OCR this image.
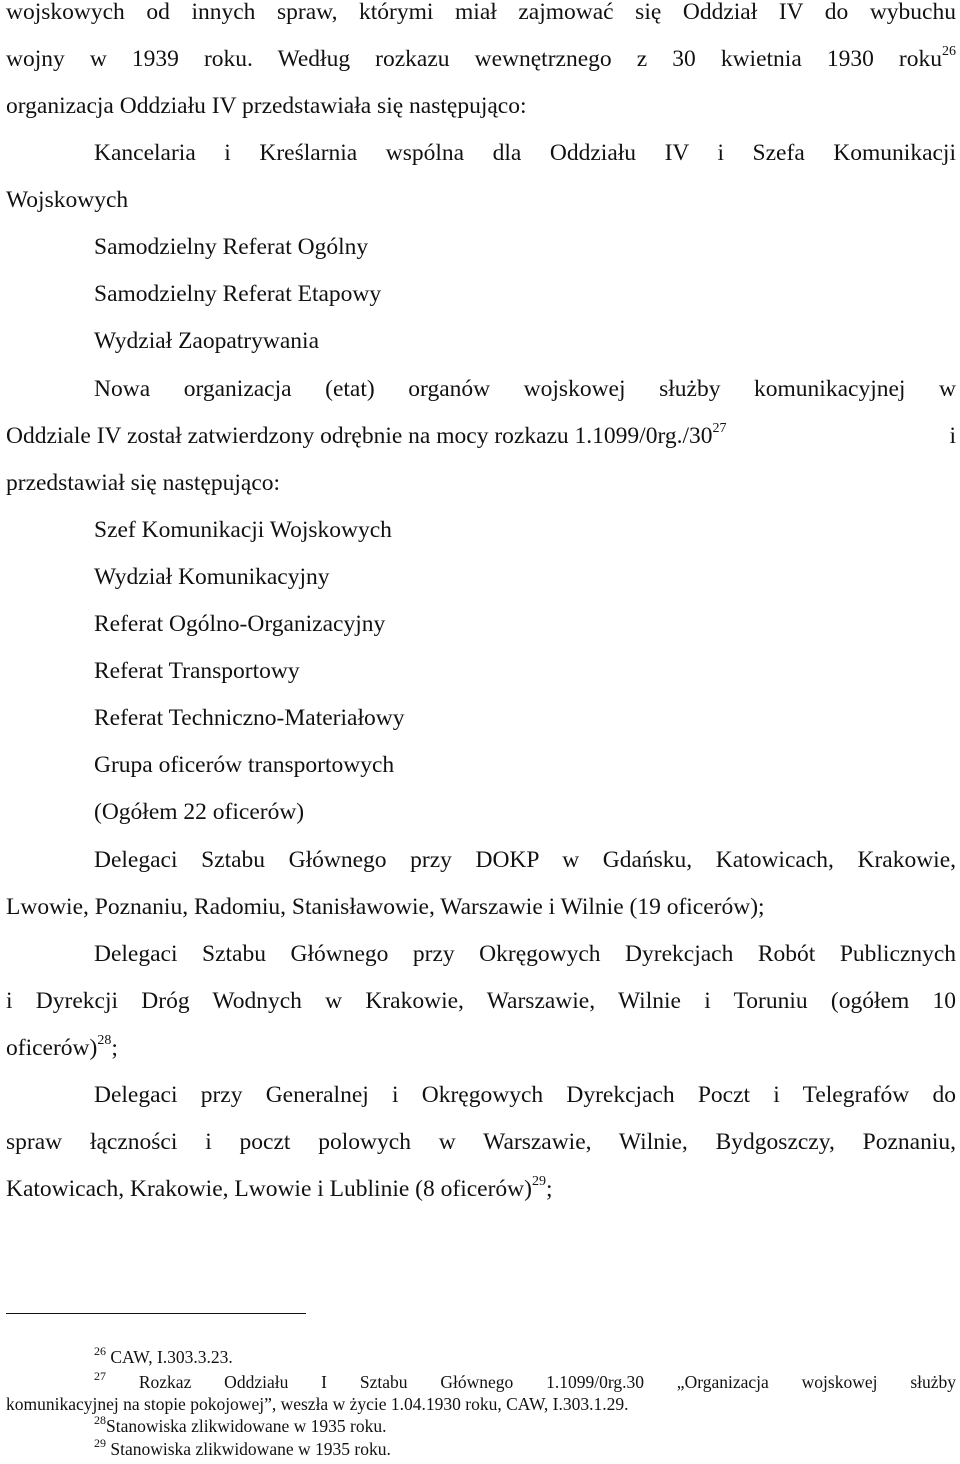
wojskowych od innych spraw, którymi miał zajmować się Oddział IV do wybuchu
wojny w 1939 roku. Według rozkazu wewnętrznego z 30 kwietnia 1930 roku$^{26}$
organizacja Oddziału IV przedstawiała się następująco:
Kancelaria i Kreślarnia wspólna dla Oddziału IV i Szefa Komunikacji
Wojskowych
Samodzielny Referat Ogólny
Samodzielny Referat Etapowy
Wydział Zaopatrywania
Nowa organizacja (etat) organów wojskowej służby komunikacyjnej w
Oddziale IV został zatwierdzony odrębnie na mocy rozkazu $1.1099/0rg./30^{27}$	i
przedstawiał się następująco:
Szef Komunikacji Wojskowych
Wydział Komunikacyjny
Referat Ogólno-Organizacyjny
Referat Transportowy
Referat Techniczno-Materiałowy
Grupa oficerów transportowych
(Ogółem 22 oficerów)
Delegaci Sztabu Głównego przy DOKP w Gdańsku, Katowicach, Krakowie,
Lwowie, Poznaniu, Radomiu, Stanisławowie, Warszawie i Wilnie (19 oficerów);
Delegaci Sztabu Głównego przy Okręgowych Dyrekcjach Robót Publicznych
i Dyrekcji Dróg Wodnych w Krakowie, Warszawie, Wilnie i Toruniu (ogółem 10
oficerów)$^{28}$;
Delegaci przy Generalnej i Okręgowych Dyrekcjach Poczt i Telegrafów do
spraw łączności i poczt polowych w Warszawie, Wilnie, Bydgoszczy, Poznaniu,
Katowicach, Krakowie, Lwowie i Lublinie (8 oficerów)$^{29}$;
$^{26}$ CAW, I.303.3.23.
$^{27}$ Rozkaz Oddziału I Sztabu Głównego 1.1099/0rg.30 „Organizacja wojskowej służby
komunikacyjnej na stopie pokojowej”, weszła w życie 1.04.1930 roku, CAW, I.303.1.29.
$^{28}$Stanowiska zlikwidowane w 1935 roku.
$^{29}$ Stanowiska zlikwidowane w 1935 roku.
